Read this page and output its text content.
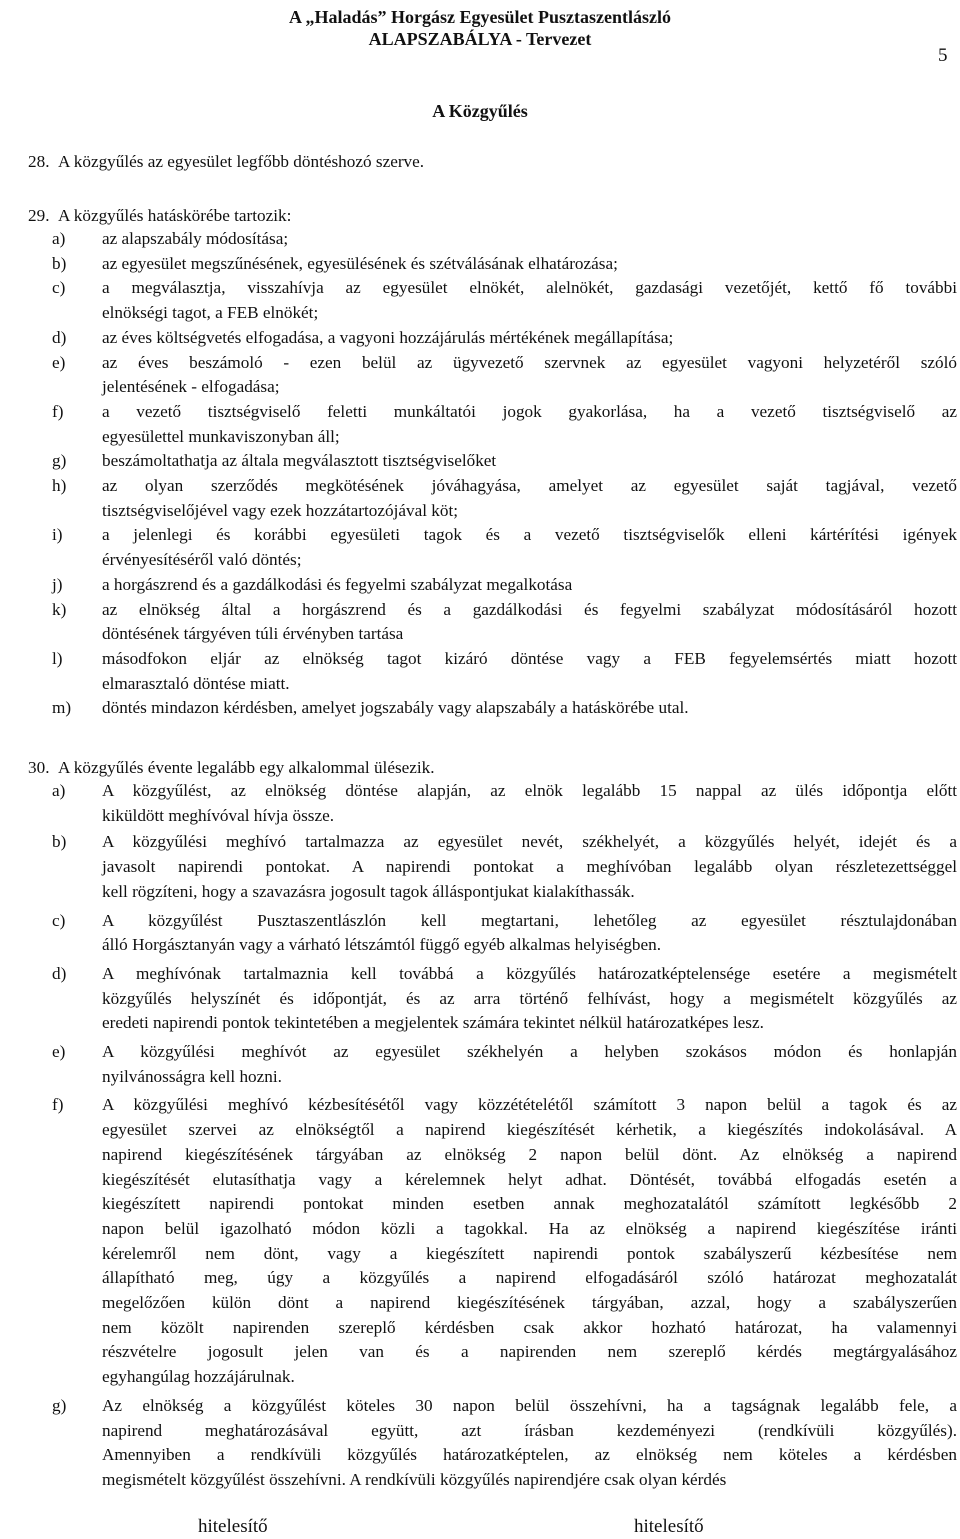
A „Haladás” Horgász Egyesület Pusztaszentlászló
ALAPSZABÁLYA - Tervezet
5
A Közgyűlés
28. A közgyűlés az egyesület legfőbb döntéshozó szerve.
29. A közgyűlés hatáskörébe tartozik:
a) az alapszabály módosítása;
b) az egyesület megszűnésének, egyesülésének és szétválásának elhatározása;
c) a megválasztja, visszahívja az egyesület elnökét, alelnökét, gazdasági vezetőjét, kettő fő további
elnökségi tagot, a FEB elnökét;
d) az éves költségvetés elfogadása, a vagyoni hozzájárulás mértékének megállapítása;
e) az éves beszámoló - ezen belül az ügyvezető szervnek az egyesület vagyoni helyzetéről szóló
jelentésének - elfogadása;
f) a vezető tisztségviselő feletti munkáltatói jogok gyakorlása, ha a vezető tisztségviselő az
egyesülettel munkaviszonyban áll;
g) beszámoltathatja az általa megválasztott tisztségviselőket
h) az olyan szerződés megkötésének jóváhagyása, amelyet az egyesület saját tagjával, vezető
tisztségviselőjével vagy ezek hozzátartozójával köt;
i) a jelenlegi és korábbi egyesületi tagok és a vezető tisztségviselők elleni kártérítési igények
érvényesítéséről való döntés;
j) a horgászrend és a gazdálkodási és fegyelmi szabályzat megalkotása
k) az elnökség által a horgászrend és a gazdálkodási és fegyelmi szabályzat módosításáról hozott
döntésének tárgyéven túli érvényben tartása
l) másodfokon eljár az elnökség tagot kizáró döntése vagy a FEB fegyelemsértés miatt hozott
elmarasztaló döntése miatt.
m) döntés mindazon kérdésben, amelyet jogszabály vagy alapszabály a hatáskörébe utal.
30. A közgyűlés évente legalább egy alkalommal ülésezik.
a) A közgyűlést, az elnökség döntése alapján, az elnök legalább 15 nappal az ülés időpontja előtt
kiküldött meghívóval hívja össze.
b) A közgyűlési meghívó tartalmazza az egyesület nevét, székhelyét, a közgyűlés helyét, idejét és a
javasolt napirendi pontokat. A napirendi pontokat a meghívóban legalább olyan részletezettséggel
kell rögzíteni, hogy a szavazásra jogosult tagok álláspontjukat kialakíthassák.
c) A közgyűlést Pusztaszentlászlón kell megtartani, lehetőleg az egyesület résztulajdonában
álló Horgásztanyán vagy a várható létszámtól függő egyéb alkalmas helyiségben.
d) A meghívónak tartalmaznia kell továbbá a közgyűlés határozatképtelensége esetére a megismételt
közgyűlés helyszínét és időpontját, és az arra történő felhívást, hogy a megismételt közgyűlés az
eredeti napirendi pontok tekintetében a megjelentek számára tekintet nélkül határozatképes lesz.
e) A közgyűlési meghívót az egyesület székhelyén a helyben szokásos módon és honlapján
nyilvánosságra kell hozni.
f) A közgyűlési meghívó kézbesítésétől vagy közzétételétől számított 3 napon belül a tagok és az
egyesület szervei az elnökségtől a napirend kiegészítését kérhetik, a kiegészítés indokolásával. A
napirend kiegészítésének tárgyában az elnökség 2 napon belül dönt. Az elnökség a napirend
kiegészítését elutasíthatja vagy a kérelemnek helyt adhat. Döntését, továbbá elfogadás esetén a
kiegészített napirendi pontokat minden esetben annak meghozatalától számított legkésőbb 2
napon belül igazolható módon közli a tagokkal. Ha az elnökség a napirend kiegészítése iránti
kérelemről nem dönt, vagy a kiegészített napirendi pontok szabályszerű kézbesítése nem
állapítható meg, úgy a közgyűlés a napirend elfogadásáról szóló határozat meghozatalát
megelőzően külön dönt a napirend kiegészítésének tárgyában, azzal, hogy a szabályszerűen
nem közölt napirenden szereplő kérdésben csak akkor hozható határozat, ha valamennyi
részvételre jogosult jelen van és a napirenden nem szereplő kérdés megtárgyalásához
egyhangúlag hozzájárulnak.
g) Az elnökség a közgyűlést köteles 30 napon belül összehívni, ha a tagságnak legalább fele, a
napirend meghatározásával együtt, azt írásban kezdeményezi (rendkívüli közgyűlés).
Amennyiben a rendkívüli közgyűlés határozatképtelen, az elnökség nem köteles a kérdésben
megismételt közgyűlést összehívni. A rendkívüli közgyűlés napirendjére csak olyan kérdés
hitelesítő	hitelesítő
